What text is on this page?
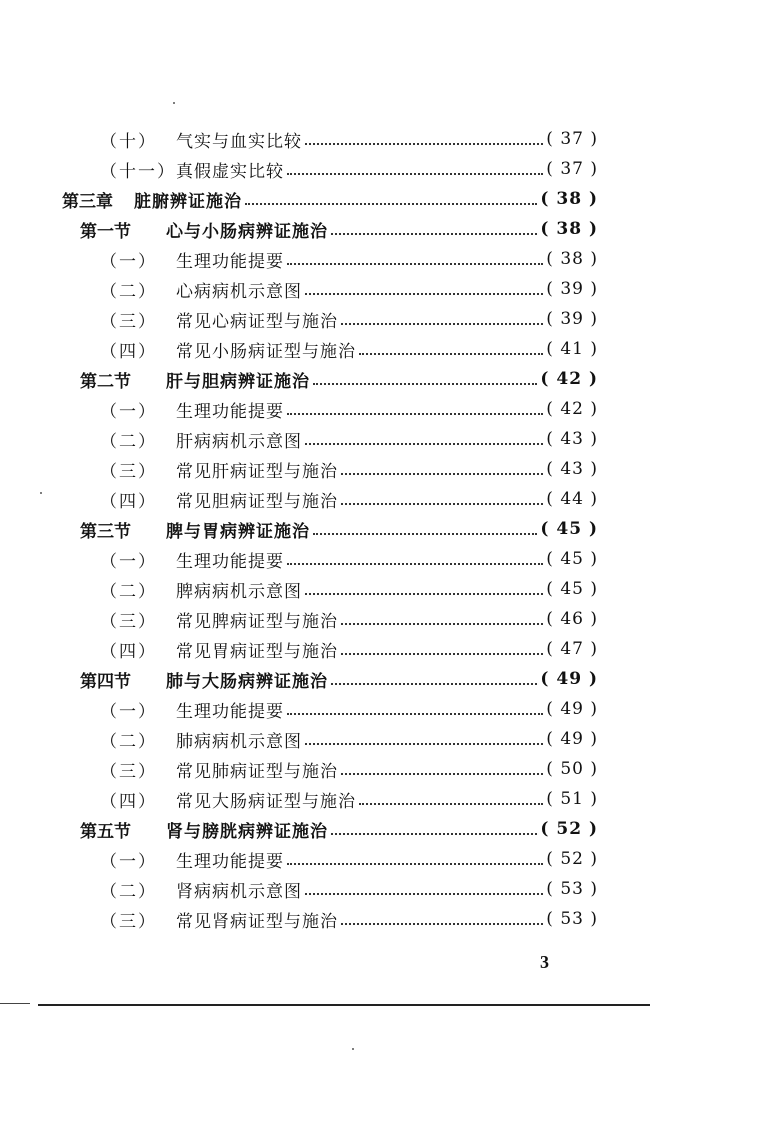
（十）	气实与血实比较	( 37 )
（十一） 真假虚实比较	( 37 )
第三章	脏腑辨证施治	( 38 )
第一节	心与小肠病辨证施治	( 38 )
（一）	生理功能提要	( 38 )
（二）	心病病机示意图	( 39 )
（三）	常见心病证型与施治	( 39 )
（四）	常见小肠病证型与施治	( 41 )
第二节	肝与胆病辨证施治	( 42 )
（一）	生理功能提要	( 42 )
（二）	肝病病机示意图	( 43 )
（三）	常见肝病证型与施治	( 43 )
（四）	常见胆病证型与施治	( 44 )
第三节	脾与胃病辨证施治	( 45 )
（一）	生理功能提要	( 45 )
（二）	脾病病机示意图	( 45 )
（三）	常见脾病证型与施治	( 46 )
（四）	常见胃病证型与施治	( 47 )
第四节	肺与大肠病辨证施治	( 49 )
（一）	生理功能提要	( 49 )
（二）	肺病病机示意图	( 49 )
（三）	常见肺病证型与施治	( 50 )
（四）	常见大肠病证型与施治	( 51 )
第五节	肾与膀胱病辨证施治	( 52 )
（一）	生理功能提要	( 52 )
（二）	肾病病机示意图	( 53 )
（三）	常见肾病证型与施治	( 53 )
3
